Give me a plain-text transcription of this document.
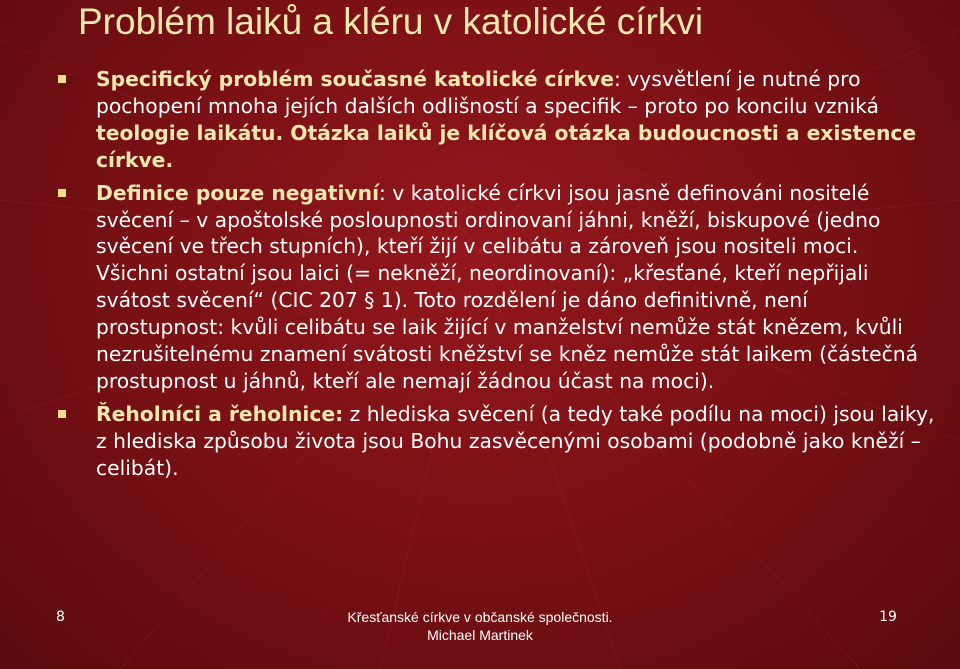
Problém laiků a kléru v katolické církvi
Specifický problém současné katolické církve: vysvětlení je nutné pro pochopení mnoha jejích dalších odlišností a specifik – proto po koncilu vzniká teologie laikátu. Otázka laiků je klíčová otázka budoucnosti a existence církve.
Definice pouze negativní: v katolické církvi jsou jasně definováni nositelé svěcení – v apoštolské posloupnosti ordinovaní jáhni, kněží, biskupové (jedno svěcení ve třech stupních), kteří žijí v celibátu a zároveň jsou nositeli moci. Všichni ostatní jsou laici (= nekněží, neordinovaní): „křesťané, kteří nepřijali svátost svěcení“ (CIC 207 § 1). Toto rozdělení je dáno definitivně, není prostupnost: kvůli celibátu se laik žijící v manželství nemůže stát knězem, kvůli nezrušitelnému znamení svátosti kněžství se kněz nemůže stát laikem (částečná prostupnost u jáhnů, kteří ale nemají žádnou účast na moci).
Řeholníci a řeholnice: z hlediska svěcení (a tedy také podílu na moci) jsou laiky, z hlediska způsobu života jsou Bohu zasvěcenými osobami (podobně jako kněží – celibát).
8	Křesťanské církve v občanské společnosti.
Michael Martinek
19
